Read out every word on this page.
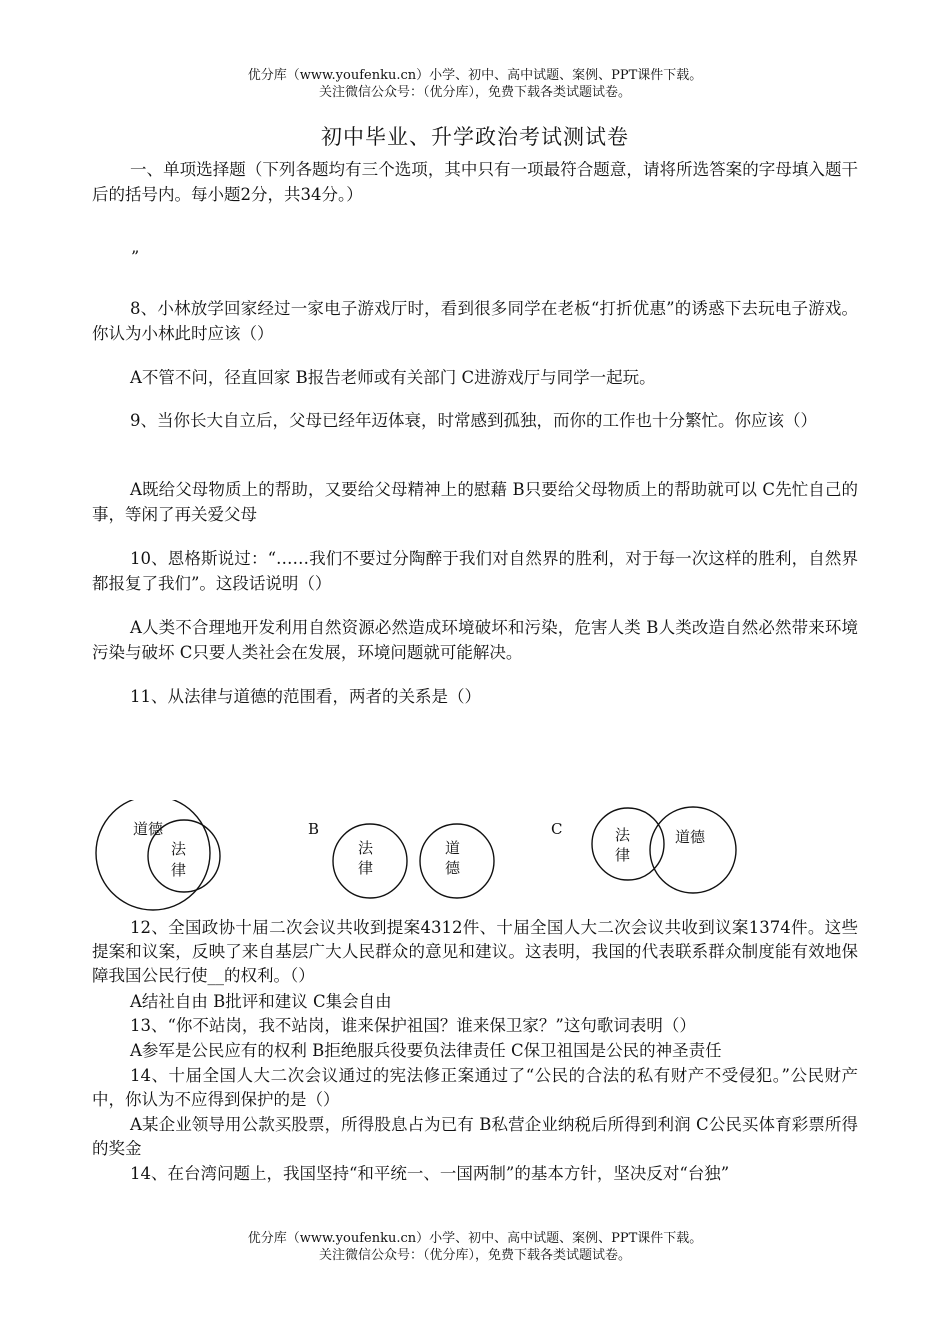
优分库（www.youfenku.cn）小学、初中、高中试题、案例、PPT课件下载。
关注微信公众号：（优分库），免费下载各类试题试卷。
初中毕业、升学政治考试测试卷

一、单项选择题（下列各题均有三个选项，其中只有一项最符合题意，请将所选答案的字母填入题干后的括号内。每小题2分，共34分。）

”

8、小林放学回家经过一家电子游戏厅时，看到很多同学在老板“打折优惠”的诱惑下去玩电子游戏。你认为小林此时应该（）

A不管不问，径直回家 B报告老师或有关部门 C进游戏厅与同学一起玩。

9、当你长大自立后，父母已经年迈体衰，时常感到孤独，而你的工作也十分繁忙。你应该（）

A既给父母物质上的帮助，又要给父母精神上的慰藉 B只要给父母物质上的帮助就可以 C先忙自己的事，等闲了再关爱父母

10、恩格斯说过：“……我们不要过分陶醉于我们对自然界的胜利，对于每一次这样的胜利，自然界都报复了我们”。这段话说明（）

A人类不合理地开发利用自然资源必然造成环境破坏和污染，危害人类 B人类改造自然必然带来环境污染与破坏 C只要人类社会在发展，环境问题就可能解决。

11、从法律与道德的范围看，两者的关系是（）

道德
法
律
B
法
律
道
德
C	法
律
道德

12、全国政协十届二次会议共收到提案4312件、十届全国人大二次会议共收到议案1374件。这些提案和议案，反映了来自基层广大人民群众的意见和建议。这表明，我国的代表联系群众制度能有效地保障我国公民行使__的权利。（）

A结社自由 B批评和建议 C集会自由

13、“你不站岗，我不站岗，谁来保护祖国？谁来保卫家？”这句歌词表明（）

A参军是公民应有的权利 B拒绝服兵役要负法律责任 C保卫祖国是公民的神圣责任

14、十届全国人大二次会议通过的宪法修正案通过了“公民的合法的私有财产不受侵犯。”公民财产中，你认为不应得到保护的是（）

A某企业领导用公款买股票，所得股息占为已有 B私营企业纳税后所得到利润 C公民买体育彩票所得的奖金

14、在台湾问题上，我国坚持“和平统一、一国两制”的基本方针，坚决反对“台独”

优分库（www.youfenku.cn）小学、初中、高中试题、案例、PPT课件下载。
关注微信公众号：（优分库），免费下载各类试题试卷。
